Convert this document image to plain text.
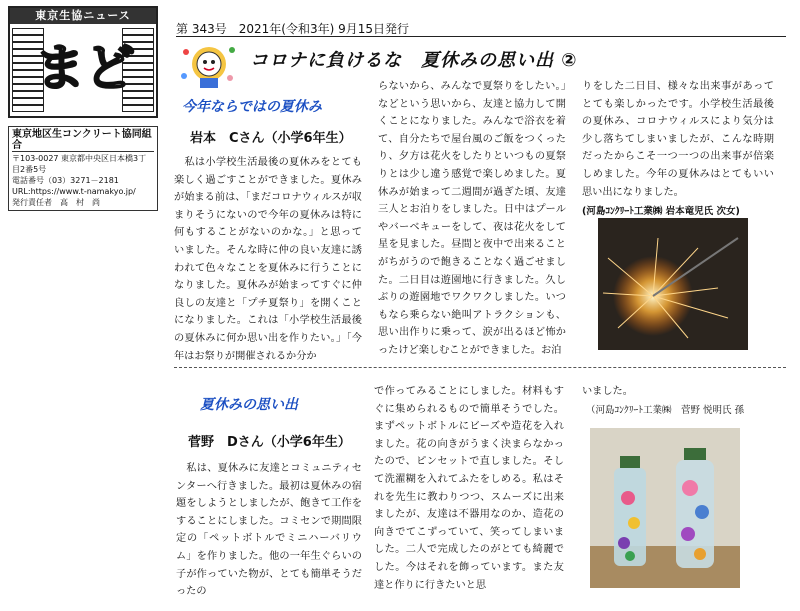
東京生協ニュース
まど
東京地区生コンクリート協同組合
〒103-0027 東京都中央区日本橋3丁目2番5号
電話番号（03）3271－2181
URL:https://www.t-namakyo.jp/
発行責任者　高　村　尚
第 343号　2021年(令和3年) 9月15日発行
コロナに負けるな　夏休みの思い出 ②
今年ならではの夏休み
岩本　Cさん（小学6年生）
　私は小学校生活最後の夏休みをとても楽しく過ごすことができました。夏休みが始まる前は、「まだコロナウィルスが収まりそうにないので今年の夏休みは特に何もすることがないのかな。」と思っていました。そんな時に仲の良い友達に誘われて色々なことを夏休みに行うことになりました。夏休みが始まってすぐに仲良しの友達と「プチ夏祭り」を開くことになりました。これは「小学校生活最後の夏休みに何か思い出を作りたい。」「今年はお祭りが開催されるか分か
らないから、みんなで夏祭りをしたい。」などという思いから、友達と協力して開くことになりました。みんなで浴衣を着て、自分たちで屋台風のご飯をつくったり、夕方は花火をしたりといつもの夏祭りとは少し違う感覚で楽しめました。夏休みが始まって二週間が過ぎた頃、友達三人とお泊りをしました。日中はプールやバーベキューをして、夜は花火をして星を見ました。昼間と夜中で出来ることがちがうので飽きることなく過ごせました。二日目は遊園地に行きました。久しぶりの遊園地でワクワクしました。いつもなら乗らない絶叫アトラクションも、思い出作りに乗って、涙が出るほど怖かったけど楽しむことができました。お泊
りをした二日目、様々な出来事があってとても楽しかったです。小学校生活最後の夏休み、コロナウィルスにより気分は少し落ちてしまいましたが、こんな時期だったからこそ一つ一つの出来事が倍楽しめました。今年の夏休みはとてもいい思い出になりました。
(河島ｺﾝｸﾘｰﾄ工業㈱ 岩本竜児氏 次女)
夏休みの思い出
菅野　Dさん（小学6年生）
　私は、夏休みに友達とコミュニティセンターへ行きました。最初は夏休みの宿題をしようとしましたが、飽きて工作をすることにしました。コミセンで期間限定の「ペットボトルでミニハーバリウム」を作りました。他の一年生ぐらいの子が作っていた物が、とても簡単そうだったの
で作ってみることにしました。材料もすぐに集められるもので簡単そうでした。まずペットボトルにビーズや造花を入れました。花の向きがうまく決まらなかったので、ピンセットで直しました。そして洗濯糊を入れてふたをしめる。私はそれを先生に教わりつつ、スムーズに出来ましたが、友達は不器用なのか、造花の向きでてこずっていて、笑ってしまいました。二人で完成したのがとても綺麗でした。今はそれを飾っています。また友達と作りに行きたいと思
いました。
（河島ｺﾝｸﾘｰﾄ工業㈱　菅野 悦明氏 孫
